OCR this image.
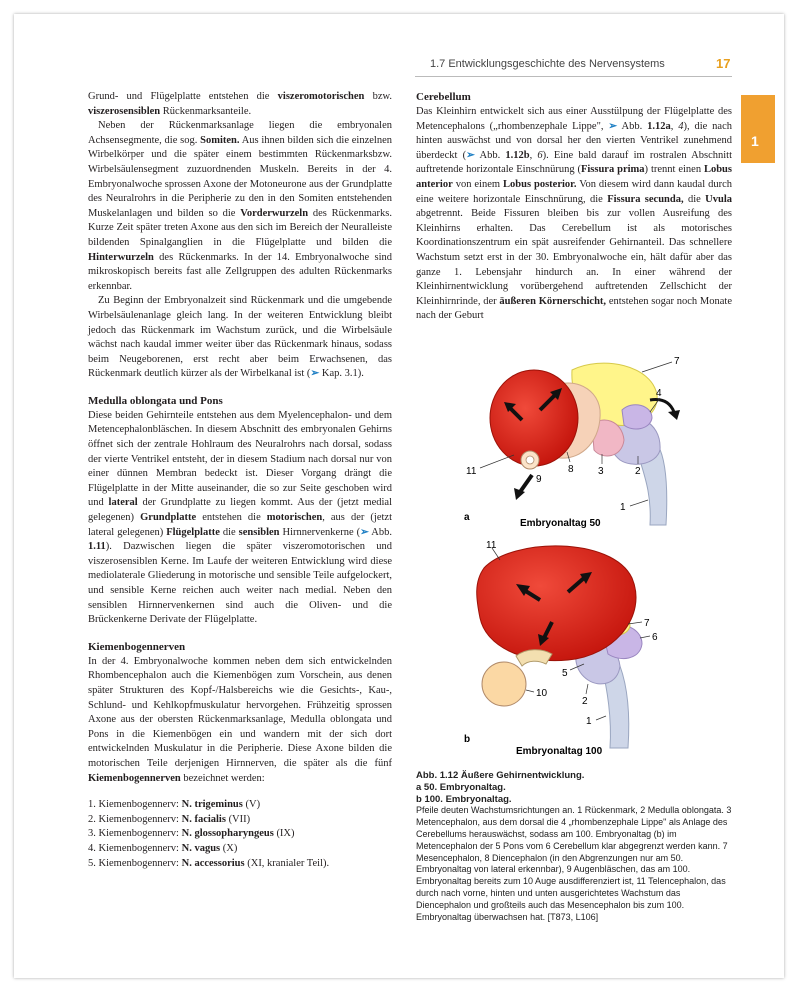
1.7 Entwicklungsgeschichte des Nervensystems	17
1

Grund- und Flügelplatte entstehen die viszeromotorischen bzw. viszerosensiblen Rückenmarksanteile.

Neben der Rückenmarksanlage liegen die embryonalen Achsensegmente, die sog. Somiten. Aus ihnen bilden sich die einzelnen Wirbelkörper und die später einem bestimmten Rückenmarksbzw. Wirbelsäulensegment zuzuordnenden Muskeln. Bereits in der 4. Embryonalwoche sprossen Axone der Motoneurone aus der Grundplatte des Neuralrohrs in die Peripherie zu den in den Somiten entstehenden Muskelanlagen und bilden so die Vorderwurzeln des Rückenmarks. Kurze Zeit später treten Axone aus den sich im Bereich der Neuralleiste bildenden Spinalganglien in die Flügelplatte und bilden die Hinterwurzeln des Rückenmarks. In der 14. Embryonalwoche sind mikroskopisch bereits fast alle Zellgruppen des adulten Rückenmarks erkennbar.

Zu Beginn der Embryonalzeit sind Rückenmark und die umgebende Wirbelsäulenanlage gleich lang. In der weiteren Entwicklung bleibt jedoch das Rückenmark im Wachstum zurück, und die Wirbelsäule wächst nach kaudal immer weiter über das Rückenmark hinaus, sodass beim Neugeborenen, erst recht aber beim Erwachsenen, das Rückenmark deutlich kürzer als der Wirbelkanal ist (➢ Kap. 3.1).

Medulla oblongata und Pons

Diese beiden Gehirnteile entstehen aus dem Myelencephalon- und dem Metencephalonbläschen. In diesem Abschnitt des embryonalen Gehirns öffnet sich der zentrale Hohlraum des Neuralrohrs nach dorsal, sodass der vierte Ventrikel entsteht, der in diesem Stadium nach dorsal nur von einer dünnen Membran bedeckt ist. Dieser Vorgang drängt die Flügelplatte in der Mitte auseinander, die so zur Seite geschoben wird und lateral der Grundplatte zu liegen kommt. Aus der (jetzt medial gelegenen) Grundplatte entstehen die motorischen, aus der (jetzt lateral gelegenen) Flügelplatte die sensiblen Hirnnervenkerne (➢ Abb. 1.11). Dazwischen liegen die später viszeromotorischen und viszerosensiblen Kerne. Im Laufe der weiteren Entwicklung wird diese mediolaterale Gliederung in motorische und sensible Teile aufgelockert, und sensible Kerne reichen auch weiter nach medial. Neben den sensiblen Hirnnervenkernen sind auch die Oliven- und die Brückenkerne Derivate der Flügelplatte.

Kiemenbogennerven

In der 4. Embryonalwoche kommen neben dem sich entwickelnden Rhombencephalon auch die Kiemenbögen zum Vorschein, aus denen später Strukturen des Kopf-/Halsbereichs wie die Gesichts-, Kau-, Schlund- und Kehlkopfmuskulatur hervorgehen. Frühzeitig sprossen Axone aus der obersten Rückenmarksanlage, Medulla oblongata und Pons in die Kiemenbögen ein und wandern mit der sich dort entwickelnden Muskulatur in die Peripherie. Diese Axone bilden die motorischen Teile derjenigen Hirnnerven, die später als die fünf Kiemenbogennerven bezeichnet werden:

1. Kiemenbogennerv: N. trigeminus (V)
2. Kiemenbogennerv: N. facialis (VII)
3. Kiemenbogennerv: N. glossopharyngeus (IX)
4. Kiemenbogennerv: N. vagus (X)
5. Kiemenbogennerv: N. accessorius (XI, kranialer Teil).
Cerebellum

Das Kleinhirn entwickelt sich aus einer Ausstülpung der Flügelplatte des Metencephalons („rhombenzephale Lippe", ➢ Abb. 1.12a, 4), die nach hinten auswächst und von dorsal her den vierten Ventrikel zunehmend überdeckt (➢ Abb. 1.12b, 6). Eine bald darauf im rostralen Abschnitt auftretende horizontale Einschnürung (Fissura prima) trennt einen Lobus anterior von einem Lobus posterior. Von diesem wird dann kaudal durch eine weitere horizontale Einschnürung, die Fissura secunda, die Uvula abgetrennt. Beide Fissuren bleiben bis zur vollen Ausreifung des Kleinhirns erhalten. Das Cerebellum ist als motorisches Koordinationszentrum ein spät ausreifender Gehirnanteil. Das schnellere Wachstum setzt erst in der 30. Embryonalwoche ein, hält dafür aber das ganze 1. Lebensjahr hindurch an. In einer während der Kleinhirnentwicklung vorübergehend auftretenden Zellschicht der Kleinhirnrinde, der äußeren Körnerschicht, entstehen sogar noch Monate nach der Geburt

7
4
11
9
8 3	2
1
a
Embryonaltag 50
11
7
6
5
10
2
1
b
Embryonaltag 100

Abb. 1.12 Äußere Gehirnentwicklung.

a 50. Embryonaltag.

b 100. Embryonaltag.

Pfeile deuten Wachstumsrichtungen an. 1 Rückenmark, 2 Medulla oblongata. 3 Metencephalon, aus dem dorsal die 4 „rhombenzephale Lippe" als Anlage des Cerebellums herauswächst, sodass am 100. Embryonaltag (b) im Metencephalon der 5 Pons vom 6 Cerebellum klar abgegrenzt werden kann. 7 Mesencephalon, 8 Diencephalon (in den Abgrenzungen nur am 50. Embryonaltag von lateral erkennbar), 9 Augenbläschen, das am 100. Embryonaltag bereits zum 10 Auge ausdifferenziert ist, 11 Telencephalon, das durch nach vorne, hinten und unten ausgerichtetes Wachstum das Diencephalon und großteils auch das Mesencephalon bis zum 100. Embryonaltag überwachsen hat. [T873, L106]
